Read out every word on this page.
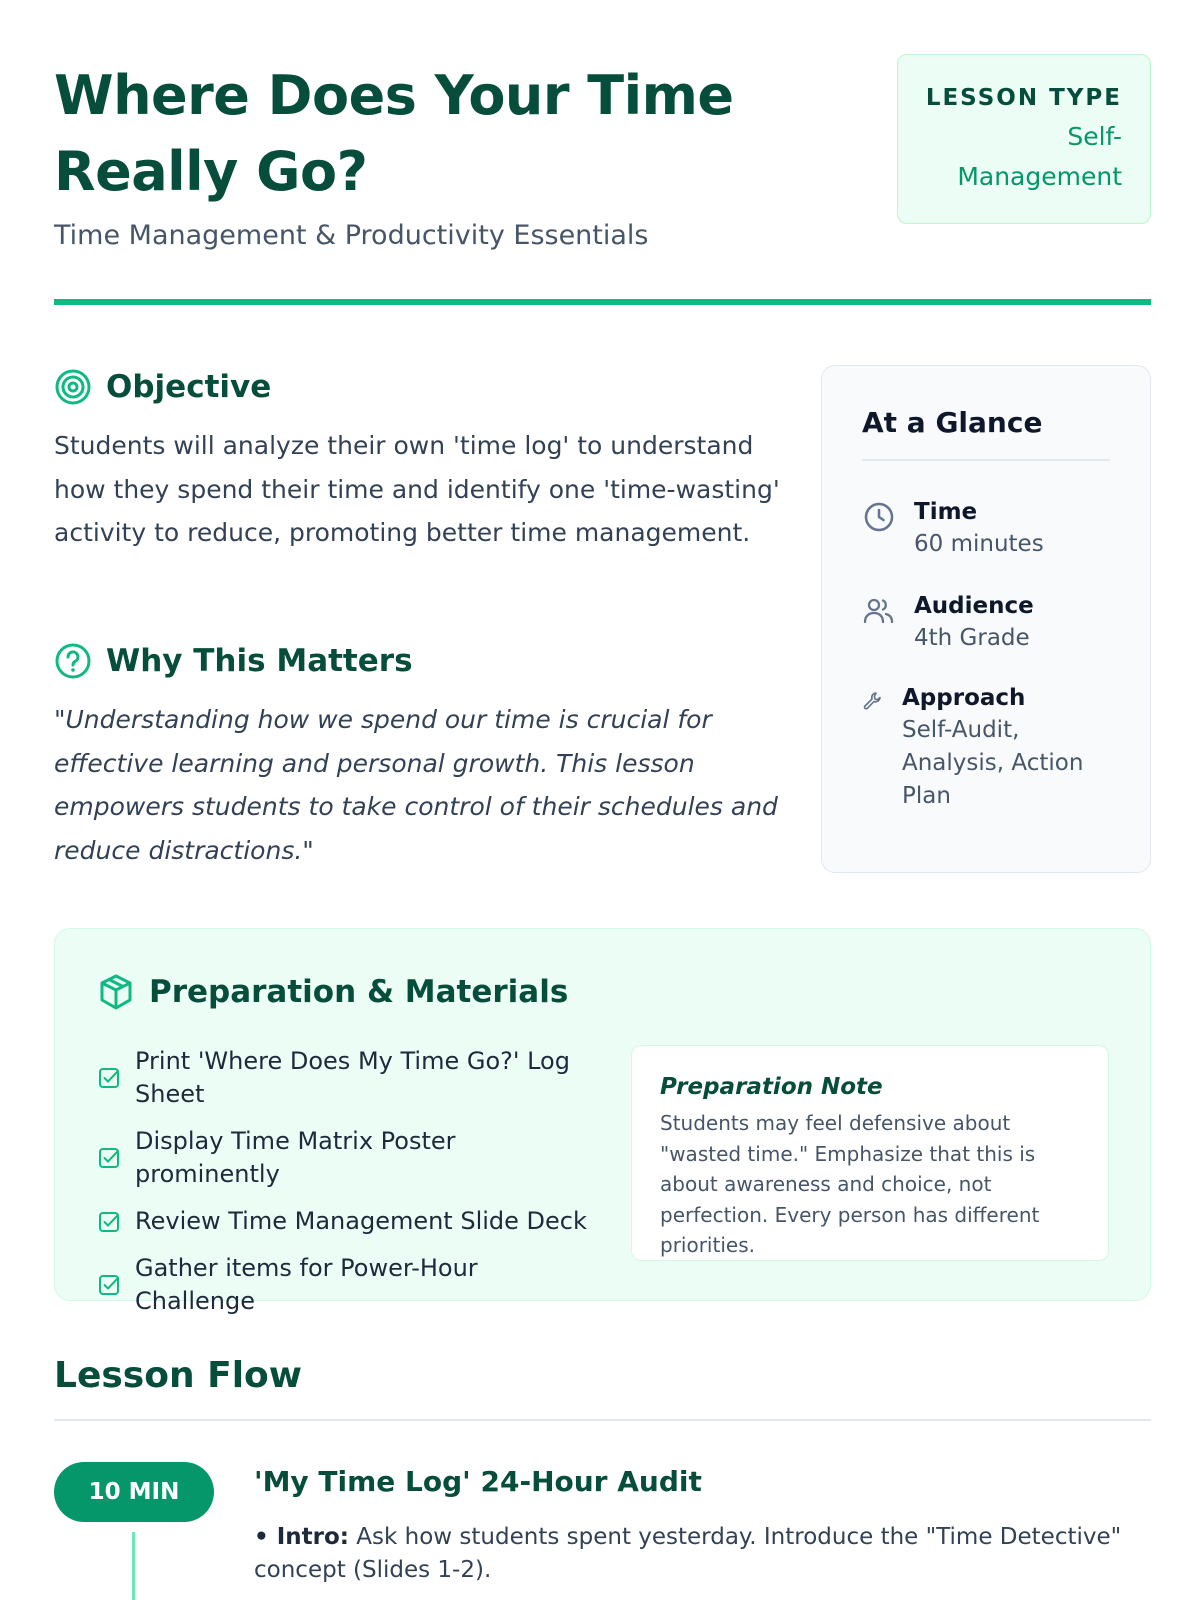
Where Does Your Time Really Go?
Time Management & Productivity Essentials
LESSON TYPE
Self-Management
Objective

Students will analyze their own 'time log' to understand how they spend their time and identify one 'time-wasting' activity to reduce, promoting better time management.

Why This Matters

"Understanding how we spend our time is crucial for effective learning and personal growth. This lesson empowers students to take control of their schedules and reduce distractions."

At a Glance
Time
60 minutes
Audience
4th Grade
Approach
Self-Audit, Analysis, Action Plan
Preparation & Materials
Print 'Where Does My Time Go?' Log Sheet
Display Time Matrix Poster prominently
Review Time Management Slide Deck
Gather items for Power-Hour Challenge
Preparation Note
Students may feel defensive about "wasted time." Emphasize that this is about awareness and choice, not perfection. Every person has different priorities.
Lesson Flow
10 MIN	'My Time Log' 24-Hour Audit

• Intro: Ask how students spent yesterday. Introduce the "Time Detective" concept (Slides 1-2).
